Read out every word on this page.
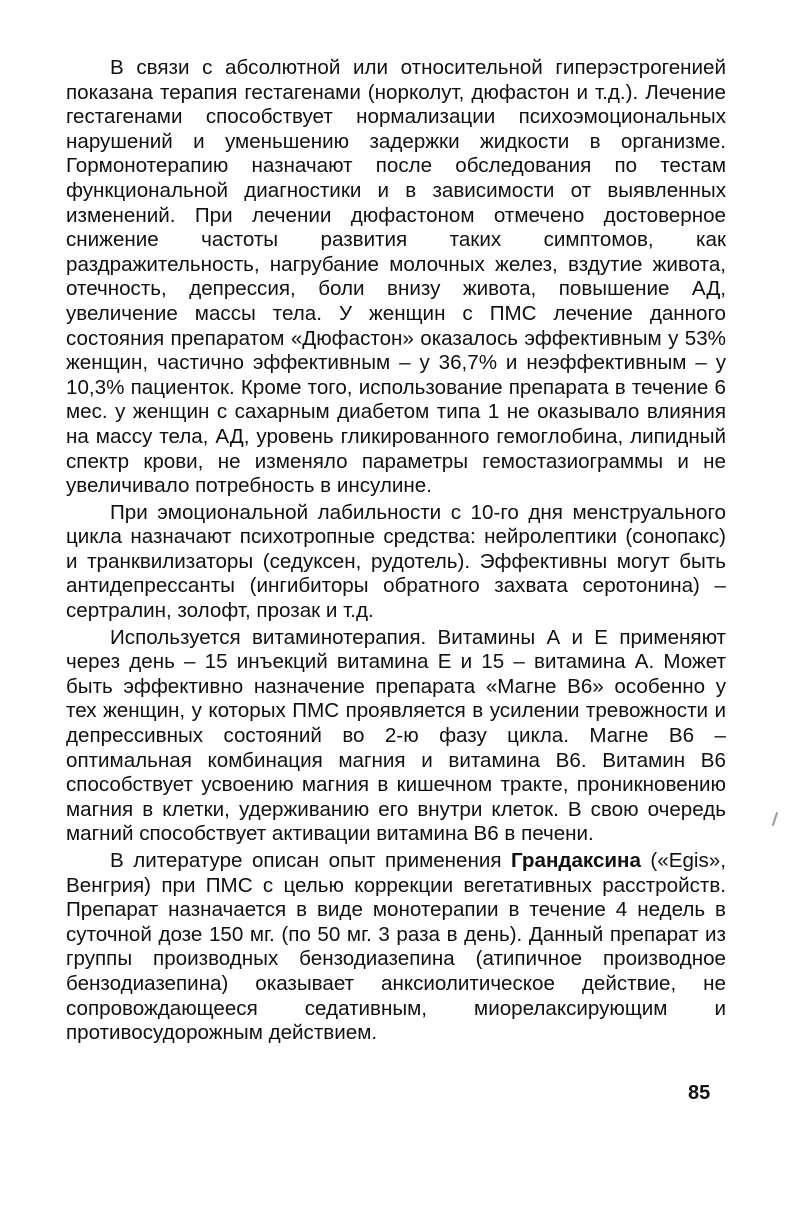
В связи с абсолютной или относительной гиперэстрогенией показана терапия гестагенами (норколут, дюфастон и т.д.). Лечение гестагенами способствует нормализации психоэмоциональных нарушений и уменьшению задержки жидкости в организме. Гормонотерапию назначают после обследования по тестам функциональной диагностики и в зависимости от выявленных изменений. При лечении дюфастоном отмечено достоверное снижение частоты развития таких симптомов, как раздражительность, нагрубание молочных желез, вздутие живота, отечность, депрессия, боли внизу живота, повышение АД, увеличение массы тела. У женщин с ПМС лечение данного состояния препаратом «Дюфастон» оказалось эффективным у 53% женщин, частично эффективным – у 36,7% и неэффективным – у 10,3% пациенток. Кроме того, использование препарата в течение 6 мес. у женщин с сахарным диабетом типа 1 не оказывало влияния на массу тела, АД, уровень гликированного гемоглобина, липидный спектр крови, не изменяло параметры гемостазиограммы и не увеличивало потребность в инсулине.

При эмоциональной лабильности с 10-го дня менструального цикла назначают психотропные средства: нейролептики (сонопакс) и транквилизаторы (седуксен, рудотель). Эффективны могут быть антидепрессанты (ингибиторы обратного захвата серотонина) – сертралин, золофт, прозак и т.д.

Используется витаминотерапия. Витамины А и Е применяют через день – 15 инъекций витамина Е и 15 – витамина А. Может быть эффективно назначение препарата «Магне В6» особенно у тех женщин, у которых ПМС проявляется в усилении тревожности и депрессивных состояний во 2-ю фазу цикла. Магне В6 – оптимальная комбинация магния и витамина В6. Витамин В6 способствует усвоению магния в кишечном тракте, проникновению магния в клетки, удерживанию его внутри клеток. В свою очередь магний способствует активации витамина В6 в печени.

В литературе описан опыт применения Грандаксина («Egis», Венгрия) при ПМС с целью коррекции вегетативных расстройств. Препарат назначается в виде монотерапии в течение 4 недель в суточной дозе 150 мг. (по 50 мг. 3 раза в день). Данный препарат из группы производных бензодиазепина (атипичное производное бензодиазепина) оказывает анксиолитическое действие, не сопровождающееся седативным, миорелаксирующим и противосудорожным действием.

85
